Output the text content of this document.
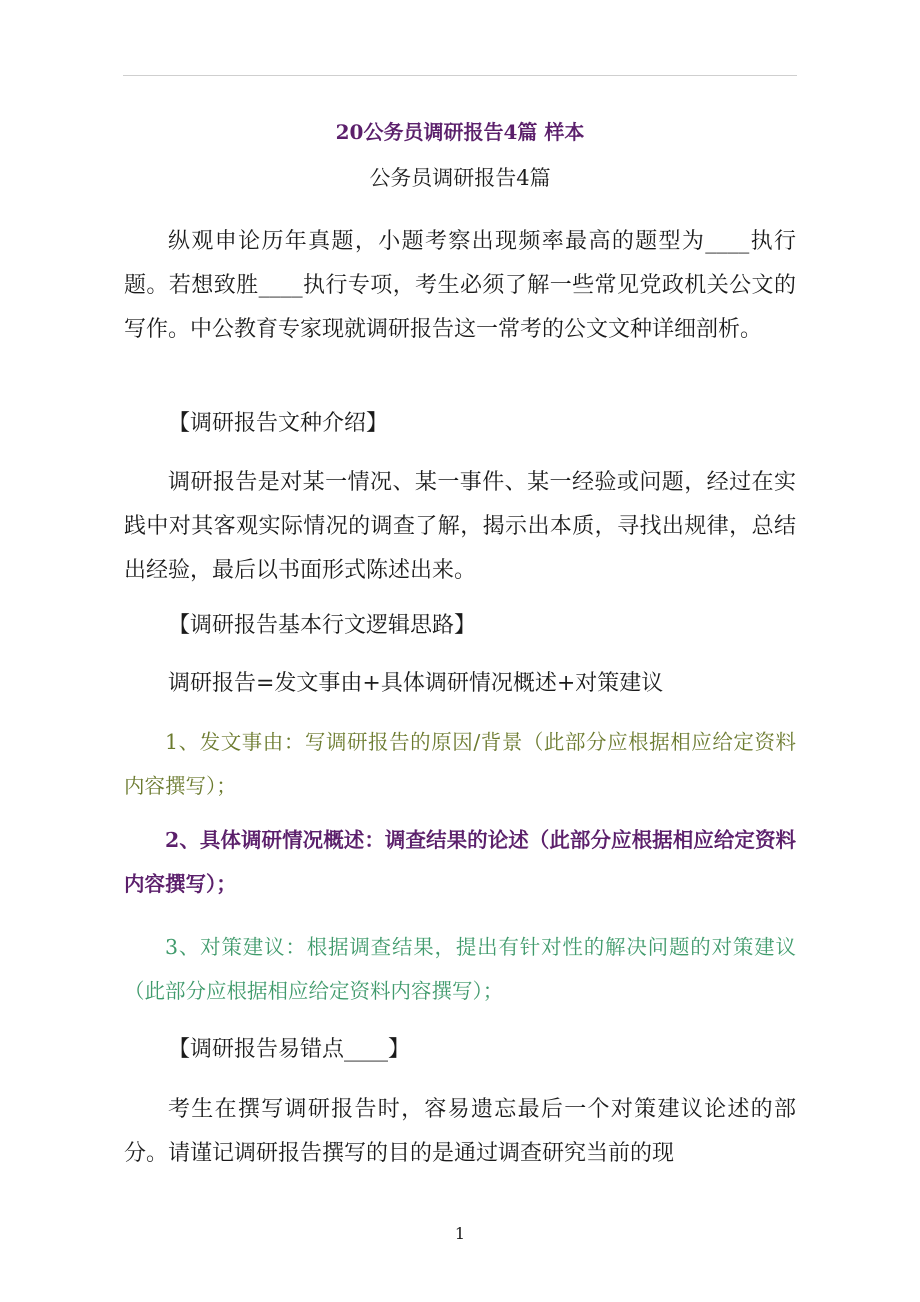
20公务员调研报告4篇 样本
公务员调研报告4篇
纵观申论历年真题，小题考察出现频率最高的题型为____执行题。若想致胜____执行专项，考生必须了解一些常见党政机关公文的写作。中公教育专家现就调研报告这一常考的公文文种详细剖析。
【调研报告文种介绍】
调研报告是对某一情况、某一事件、某一经验或问题，经过在实践中对其客观实际情况的调查了解，揭示出本质，寻找出规律，总结出经验，最后以书面形式陈述出来。
【调研报告基本行文逻辑思路】
调研报告=发文事由+具体调研情况概述+对策建议
1、发文事由：写调研报告的原因/背景（此部分应根据相应给定资料内容撰写）；
2、具体调研情况概述：调查结果的论述（此部分应根据相应给定资料内容撰写）；
3、对策建议：根据调查结果，提出有针对性的解决问题的对策建议（此部分应根据相应给定资料内容撰写）；
【调研报告易错点____】
考生在撰写调研报告时，容易遗忘最后一个对策建议论述的部分。请谨记调研报告撰写的目的是通过调查研究当前的现
1
